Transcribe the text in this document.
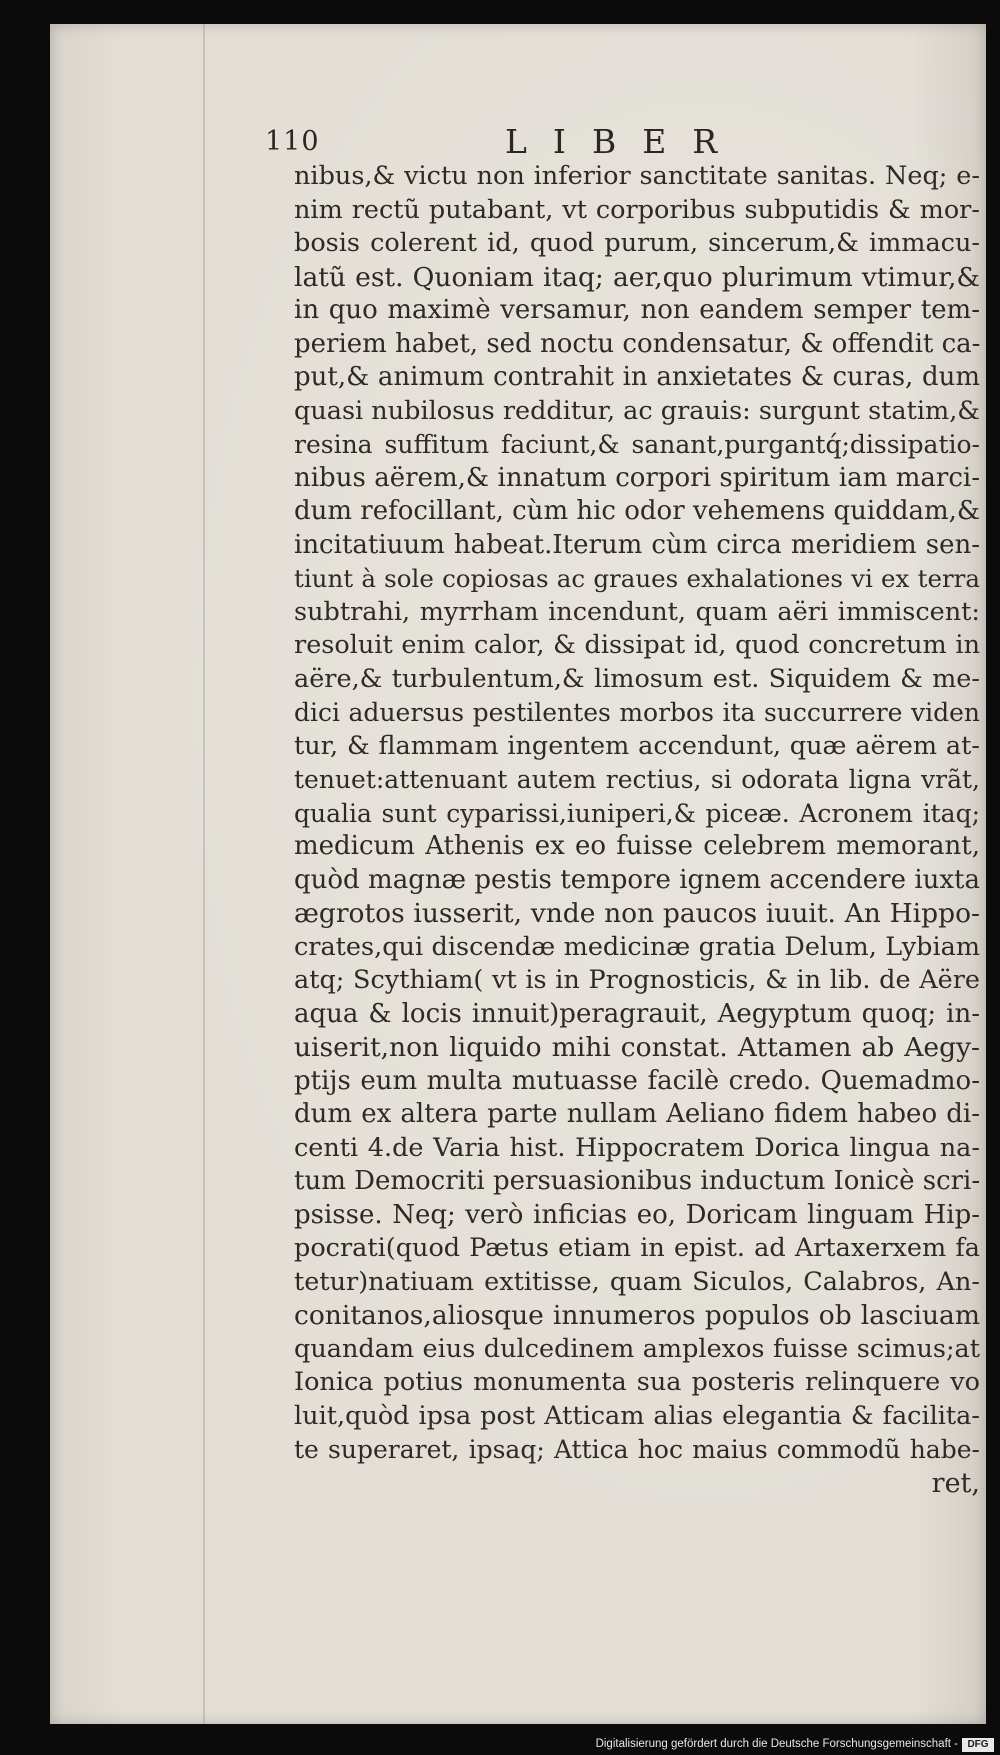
110	LIBER
nibus,& victu non inferior sanctitate sanitas. Neq; e-
nim rectũ putabant, vt corporibus subputidis & mor-
bosis colerent id, quod purum, sincerum,& immacu-
latũ est. Quoniam itaq; aer,quo plurimum vtimur,&
in quo maximè versamur, non eandem semper tem-
periem habet, sed noctu condensatur, & offendit ca-
put,& animum contrahit in anxietates & curas, dum
quasi nubilosus redditur, ac grauis: surgunt statim,&
resina suffitum faciunt,& sanant,purgantq́;dissipatio-
nibus aërem,& innatum corpori spiritum iam marci-
dum refocillant, cùm hic odor vehemens quiddam,&
incitatiuum habeat.Iterum cùm circa meridiem sen-
tiunt à sole copiosas ac graues exhalationes vi ex terra
subtrahi, myrrham incendunt, quam aëri immiscent:
resoluit enim calor, & dissipat id, quod concretum in
aëre,& turbulentum,& limosum est. Siquidem & me-
dici aduersus pestilentes morbos ita succurrere viden
tur, & flammam ingentem accendunt, quæ aërem at-
tenuet:attenuant autem rectius, si odorata ligna vrãt,
qualia sunt cyparissi,iuniperi,& piceæ. Acronem itaq;
medicum Athenis ex eo fuisse celebrem memorant,
quòd magnæ pestis tempore ignem accendere iuxta
ægrotos iusserit, vnde non paucos iuuit. An Hippo-
crates,qui discendæ medicinæ gratia Delum, Lybiam
atq; Scythiam( vt is in Prognosticis, & in lib. de Aëre
aqua & locis innuit)peragrauit, Aegyptum quoq; in-
uiserit,non liquido mihi constat. Attamen ab Aegy-
ptijs eum multa mutuasse facilè credo. Quemadmo-
dum ex altera parte nullam Aeliano fidem habeo di-
centi 4.de Varia hist. Hippocratem Dorica lingua na-
tum Democriti persuasionibus inductum Ionicè scri-
psisse. Neq; verò inficias eo, Doricam linguam Hip-
pocrati(quod Pætus etiam in epist. ad Artaxerxem fa
tetur)natiuam extitisse, quam Siculos, Calabros, An-
conitanos,aliosque innumeros populos ob lasciuam
quandam eius dulcedinem amplexos fuisse scimus;at
Ionica potius monumenta sua posteris relinquere vo
luit,quòd ipsa post Atticam alias elegantia & facilita-
te superaret, ipsaq; Attica hoc maius commodũ habe-
ret,
Digitalisierung gefördert durch die Deutsche Forschungsgemeinschaft - DFG
